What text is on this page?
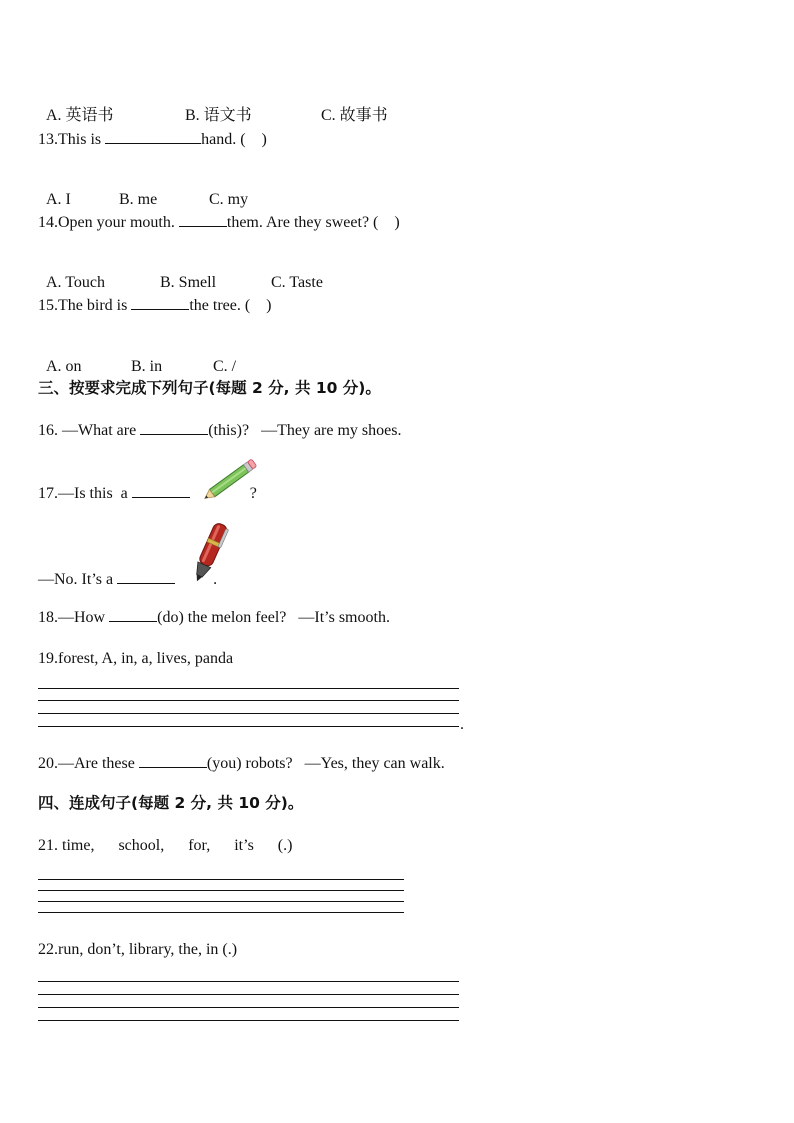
A. 英语书	B. 语文书	C. 故事书

13.This is	hand. (    )

A. I	B. me	C. my

14.Open your mouth.	them. Are they sweet? (    )

A. Touch	B. Smell	C. Taste

15.The bird is	the tree. (    )

A. on	B. in	C. /

三、按要求完成下列句子(每题 2 分, 共 10 分)。
16. —What are	(this)?   —They are my shoes.
17.—Is this  a	?
—No. It’s a	.
18.—How	(do) the melon feel?   —It’s smooth.
19.forest, A, in, a, lives, panda
.
20.—Are these	(you) robots?   —Yes, they can walk.
四、连成句子(每题 2 分, 共 10 分)。
21. time,      school,      for,      it’s      (.)
22.run, don’t, library, the, in (.)
